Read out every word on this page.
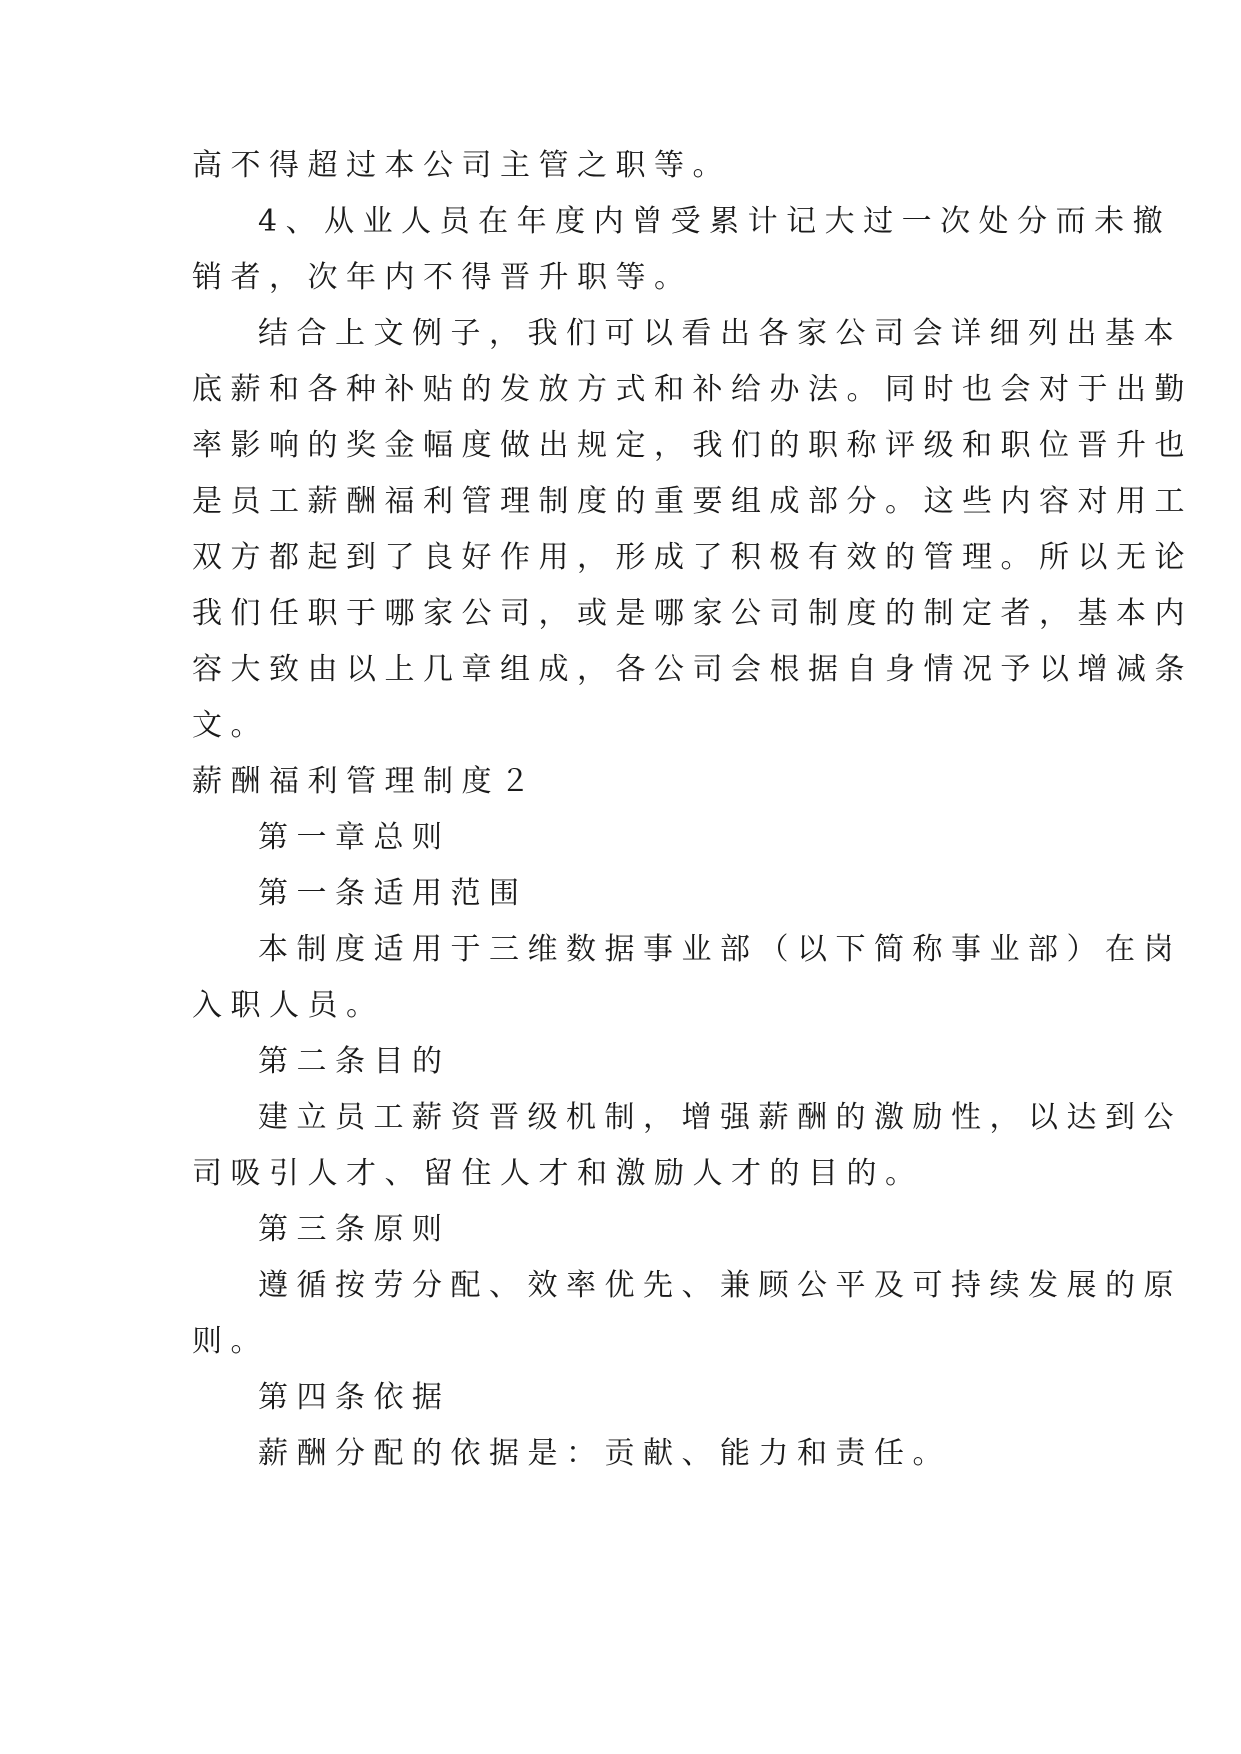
高不得超过本公司主管之职等。
4、从业人员在年度内曾受累计记大过一次处分而未撤
销者，次年内不得晋升职等。
结合上文例子，我们可以看出各家公司会详细列出基本
底薪和各种补贴的发放方式和补给办法。同时也会对于出勤
率影响的奖金幅度做出规定，我们的职称评级和职位晋升也
是员工薪酬福利管理制度的重要组成部分。这些内容对用工
双方都起到了良好作用，形成了积极有效的管理。所以无论
我们任职于哪家公司，或是哪家公司制度的制定者，基本内
容大致由以上几章组成，各公司会根据自身情况予以增减条
文。
薪酬福利管理制度２
第一章总则
第一条适用范围
本制度适用于三维数据事业部（以下简称事业部）在岗
入职人员。
第二条目的
建立员工薪资晋级机制，增强薪酬的激励性，以达到公
司吸引人才、留住人才和激励人才的目的。
第三条原则
遵循按劳分配、效率优先、兼顾公平及可持续发展的原
则。
第四条依据
薪酬分配的依据是：贡献、能力和责任。
